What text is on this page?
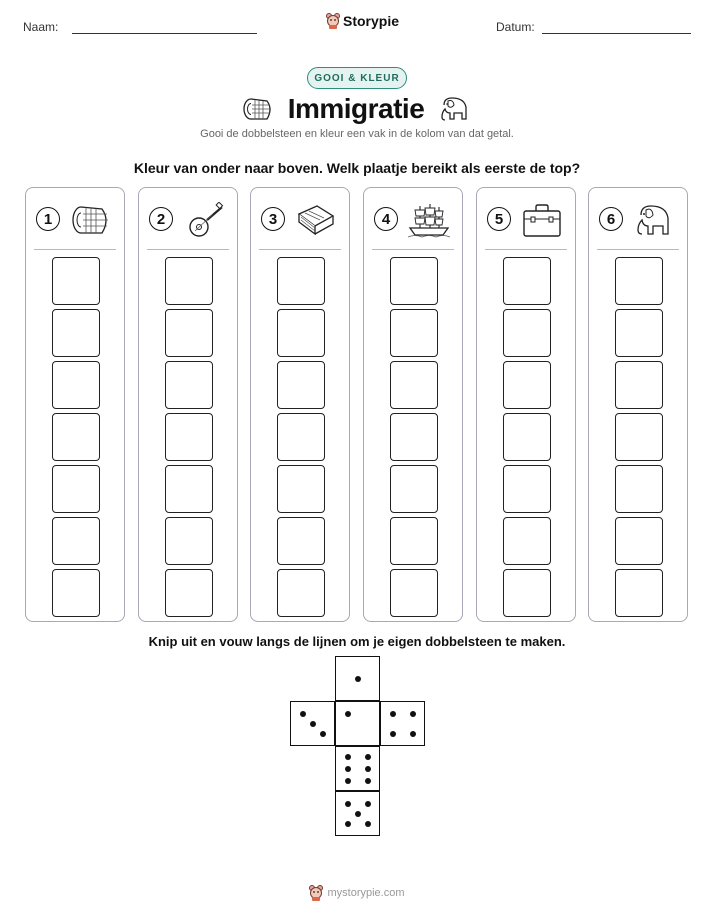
Naam:	Storypie	Datum:
GOOI & KLEUR
Immigratie
Gooi de dobbelsteen en kleur een vak in de kolom van dat getal.
Kleur van onder naar boven. Welk plaatje bereikt als eerste de top?
1	2	3	4	5	6
Knip uit en vouw langs de lijnen om je eigen dobbelsteen te maken.
mystorypie.com
